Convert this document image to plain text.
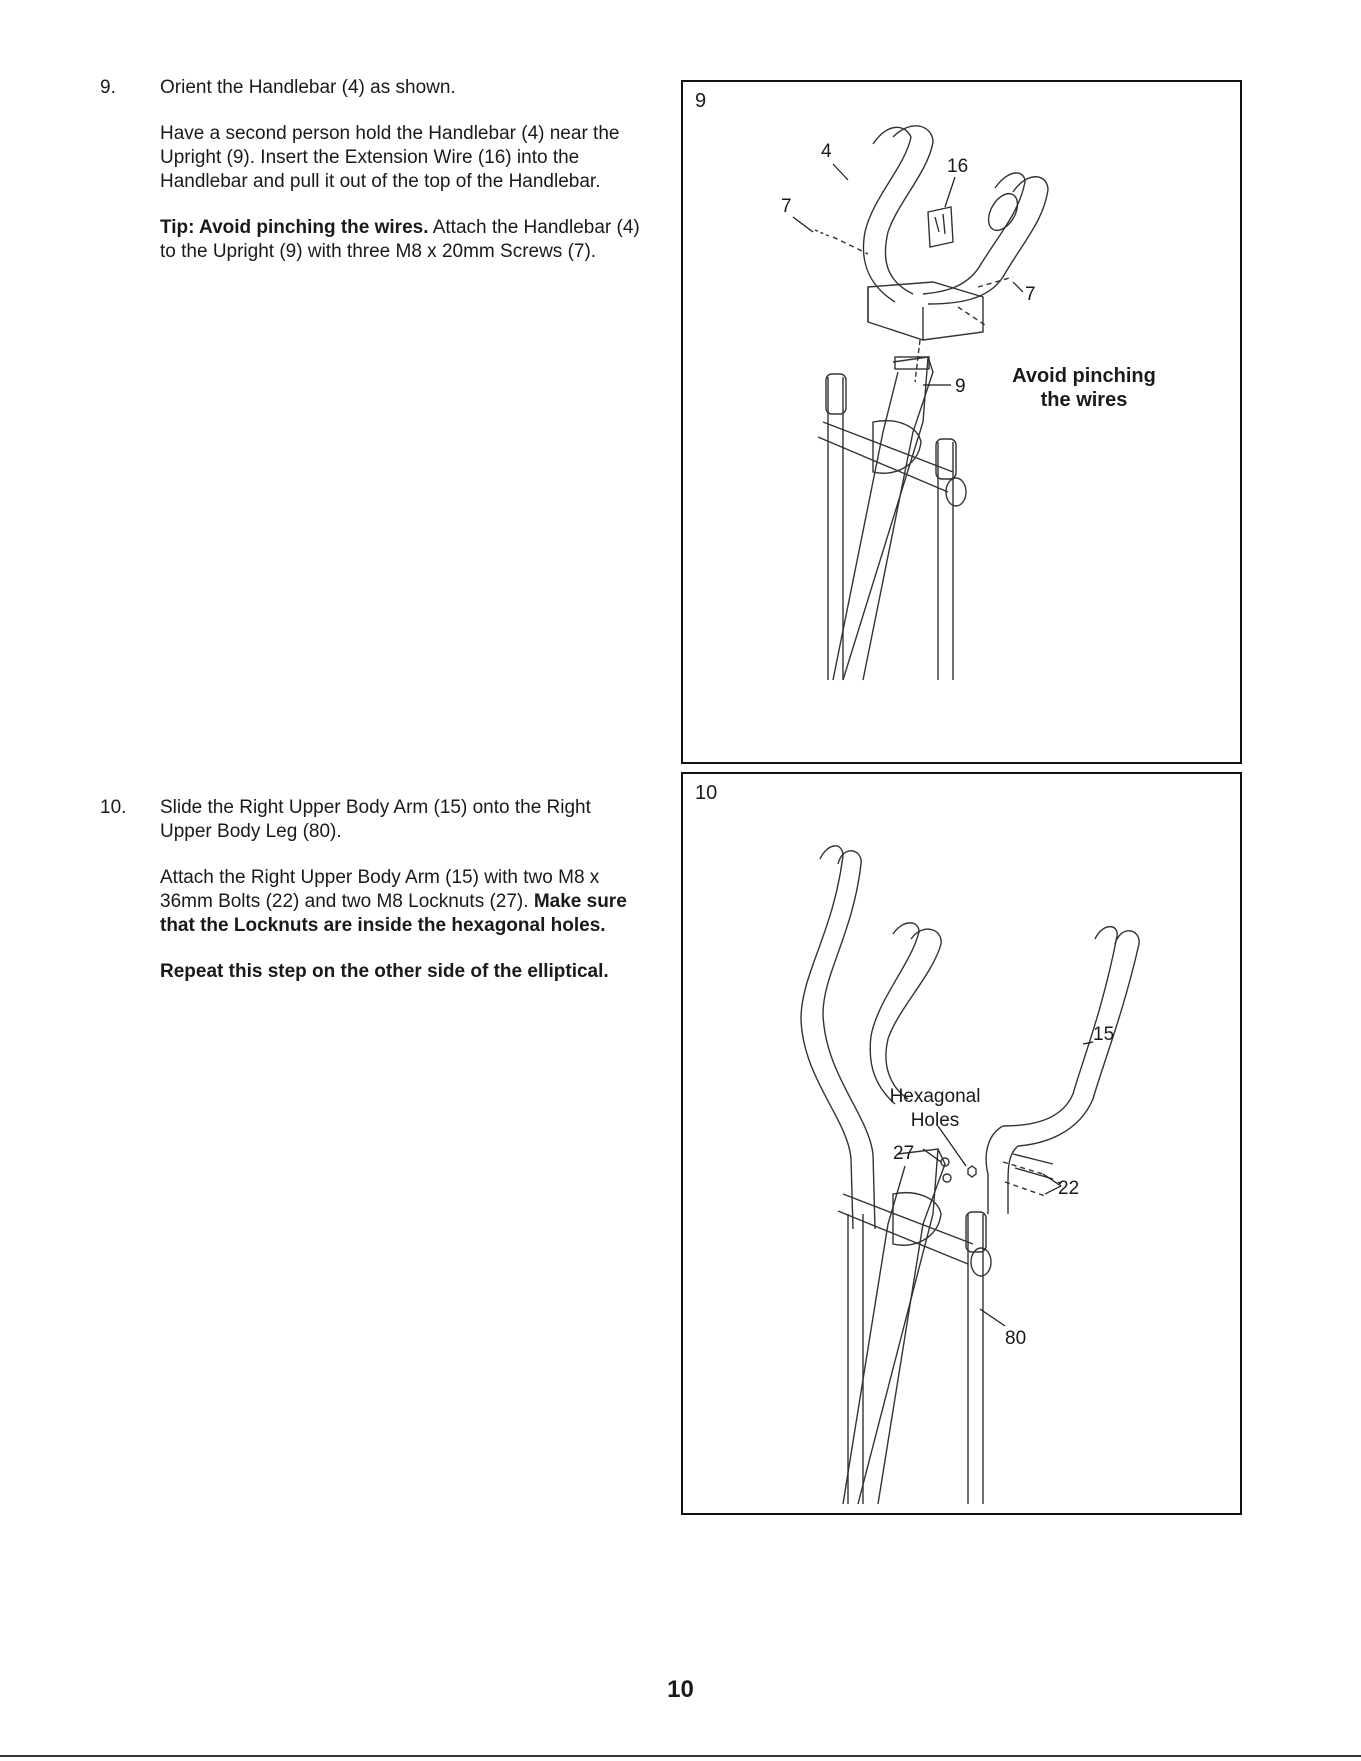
9. Orient the Handlebar (4) as shown.

Have a second person hold the Handlebar (4) near the Upright (9). Insert the Extension Wire (16) into the Handlebar and pull it out of the top of the Handlebar.

Tip: Avoid pinching the wires. Attach the Handlebar (4) to the Upright (9) with three M8 x 20mm Screws (7).

10. Slide the Right Upper Body Arm (15) onto the Right Upper Body Leg (80).

Attach the Right Upper Body Arm (15) with two M8 x 36mm Bolts (22) and two M8 Locknuts (27). Make sure that the Locknuts are inside the hexagonal holes.

Repeat this step on the other side of the elliptical.

9
4
16
7
7
9 Avoid pinching
the wires
10
Hexagonal
Holes
15
27
22
80
10
